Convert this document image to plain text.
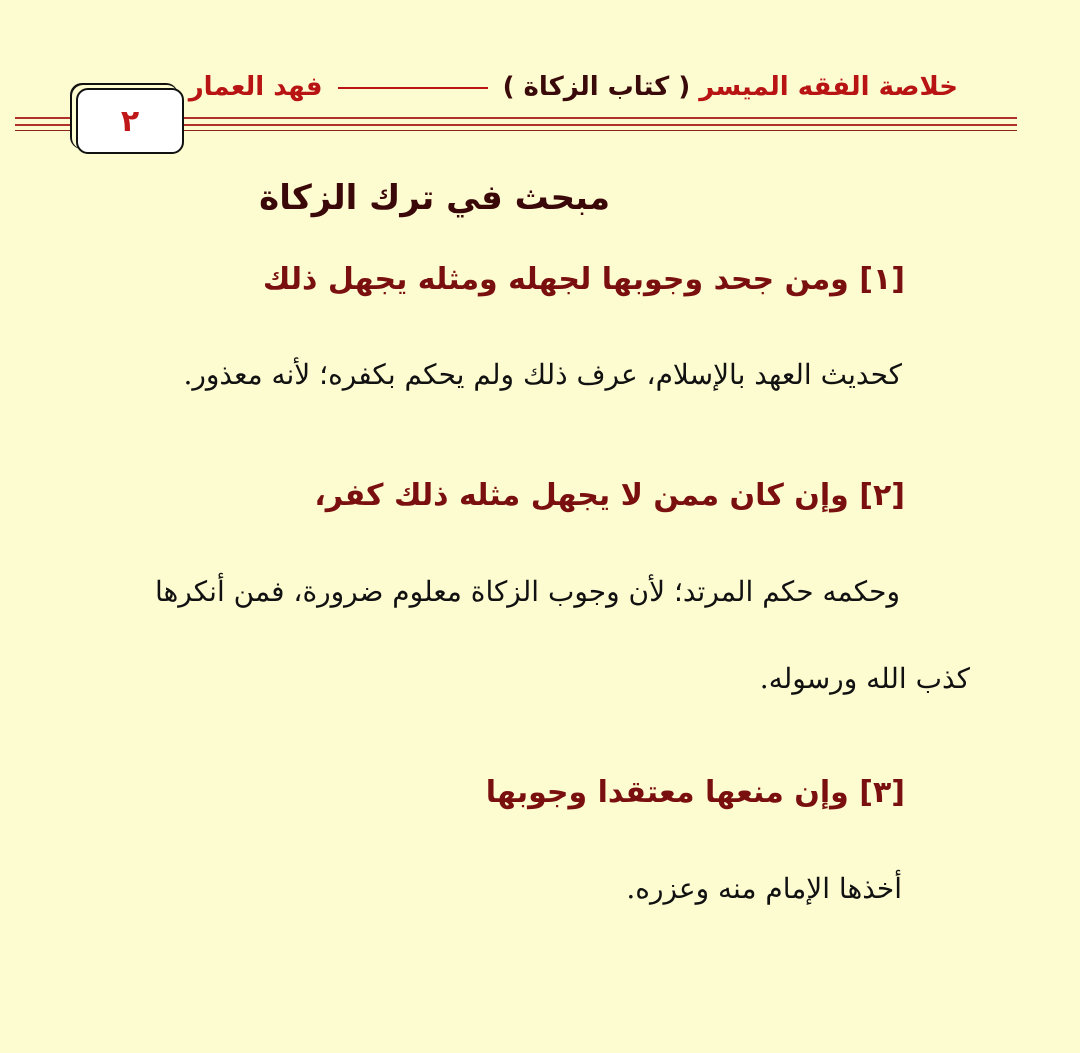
خلاصة الفقه الميسر ( كتاب الزكاة )  فهد العمار
٢
مبحث في ترك الزكاة
[١] ومن جحد وجوبها لجهله ومثله يجهل ذلك
كحديث العهد بالإسلام، عرف ذلك ولم يحكم بكفره؛ لأنه معذور.
[٢] وإن كان ممن لا يجهل مثله ذلك كفر،
وحكمه حكم المرتد؛ لأن وجوب الزكاة معلوم ضرورة، فمن أنكرها
كذب الله ورسوله.
[٣] وإن منعها معتقدا وجوبها
أخذها الإمام منه وعزره.
